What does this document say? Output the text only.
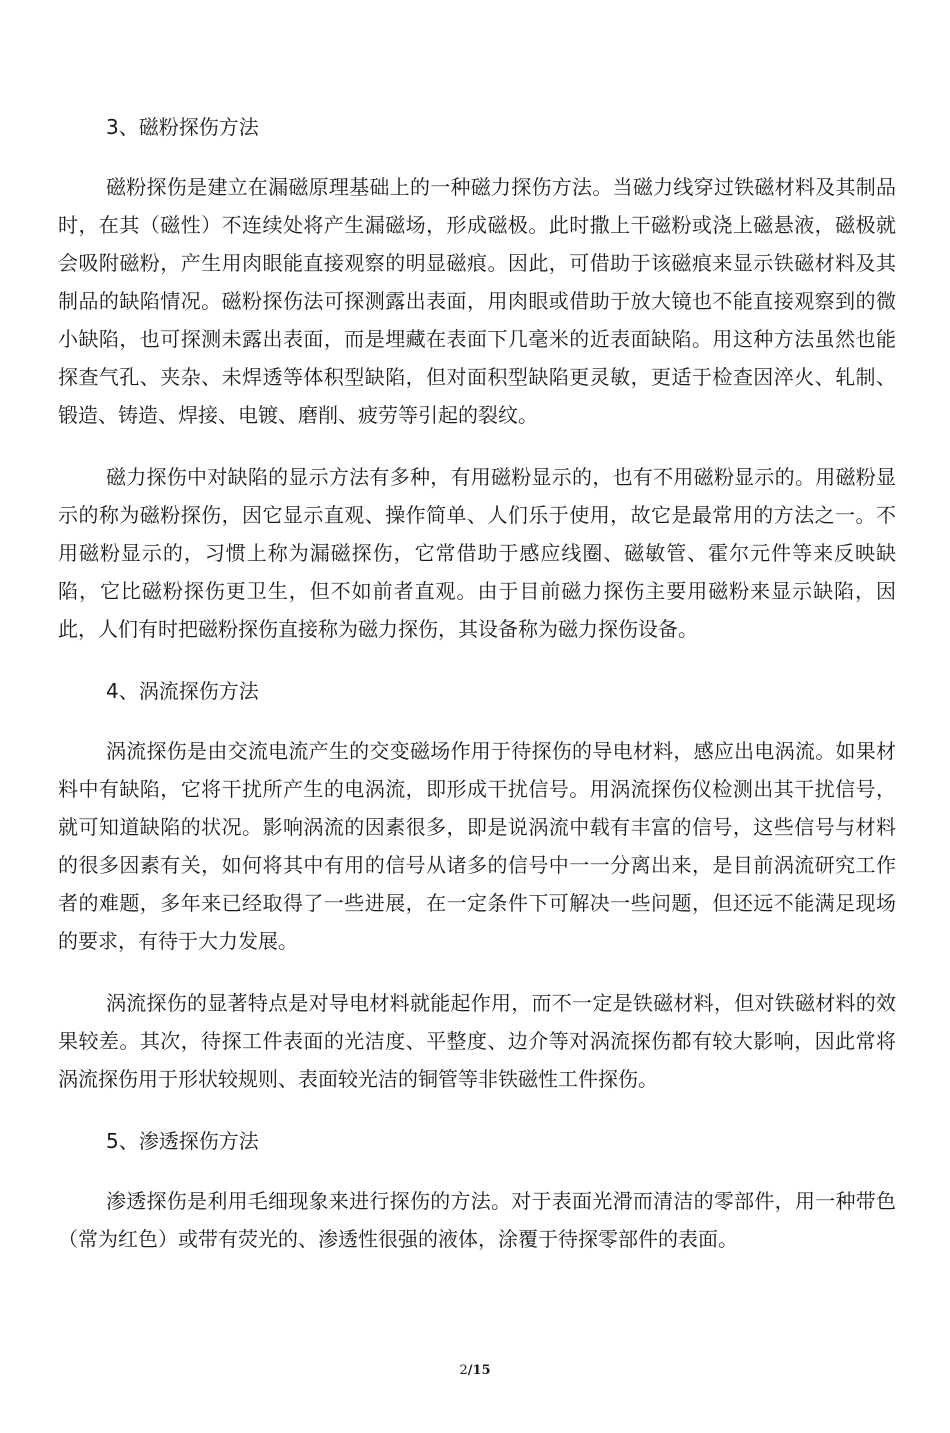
3、磁粉探伤方法

磁粉探伤是建立在漏磁原理基础上的一种磁力探伤方法。当磁力线穿过铁磁材料及其制品时，在其（磁性）不连续处将产生漏磁场，形成磁极。此时撒上干磁粉或浇上磁悬液，磁极就会吸附磁粉，产生用肉眼能直接观察的明显磁痕。因此，可借助于该磁痕来显示铁磁材料及其制品的缺陷情况。磁粉探伤法可探测露出表面，用肉眼或借助于放大镜也不能直接观察到的微小缺陷，也可探测未露出表面，而是埋藏在表面下几毫米的近表面缺陷。用这种方法虽然也能探查气孔、夹杂、未焊透等体积型缺陷，但对面积型缺陷更灵敏，更适于检查因淬火、轧制、锻造、铸造、焊接、电镀、磨削、疲劳等引起的裂纹。

磁力探伤中对缺陷的显示方法有多种，有用磁粉显示的，也有不用磁粉显示的。用磁粉显示的称为磁粉探伤，因它显示直观、操作简单、人们乐于使用，故它是最常用的方法之一。不用磁粉显示的，习惯上称为漏磁探伤，它常借助于感应线圈、磁敏管、霍尔元件等来反映缺陷，它比磁粉探伤更卫生，但不如前者直观。由于目前磁力探伤主要用磁粉来显示缺陷，因此，人们有时把磁粉探伤直接称为磁力探伤，其设备称为磁力探伤设备。

4、涡流探伤方法

涡流探伤是由交流电流产生的交变磁场作用于待探伤的导电材料，感应出电涡流。如果材料中有缺陷，它将干扰所产生的电涡流，即形成干扰信号。用涡流探伤仪检测出其干扰信号，就可知道缺陷的状况。影响涡流的因素很多，即是说涡流中载有丰富的信号，这些信号与材料的很多因素有关，如何将其中有用的信号从诸多的信号中一一分离出来，是目前涡流研究工作者的难题，多年来已经取得了一些进展，在一定条件下可解决一些问题，但还远不能满足现场的要求，有待于大力发展。

涡流探伤的显著特点是对导电材料就能起作用，而不一定是铁磁材料，但对铁磁材料的效果较差。其次，待探工件表面的光洁度、平整度、边介等对涡流探伤都有较大影响，因此常将涡流探伤用于形状较规则、表面较光洁的铜管等非铁磁性工件探伤。

5、渗透探伤方法

渗透探伤是利用毛细现象来进行探伤的方法。对于表面光滑而清洁的零部件，用一种带色（常为红色）或带有荧光的、渗透性很强的液体，涂覆于待探零部件的表面。

2/15
